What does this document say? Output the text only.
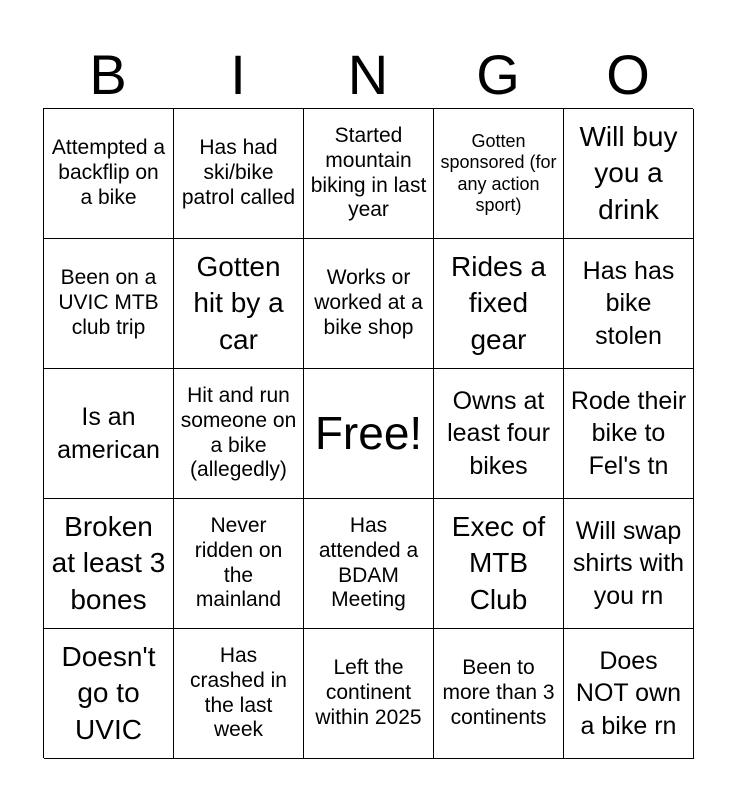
B	I	N	G	O
Attempted a backflip on a bike
Has had ski/bike patrol called
Started mountain biking in last year
Gotten sponsored (for any action sport)
Will buy you a drink
Been on a UVIC MTB club trip
Gotten hit by a car
Works or worked at a bike shop
Rides a fixed gear
Has has bike stolen
Is an american
Hit and run someone on a bike (allegedly)
Free!
Owns at least four bikes
Rode their bike to Fel's tn
Broken at least 3 bones
Never ridden on the mainland
Has attended a BDAM Meeting
Exec of MTB Club
Will swap shirts with you rn
Doesn't go to UVIC
Has crashed in the last week
Left the continent within 2025
Been to more than 3 continents
Does NOT own a bike rn
